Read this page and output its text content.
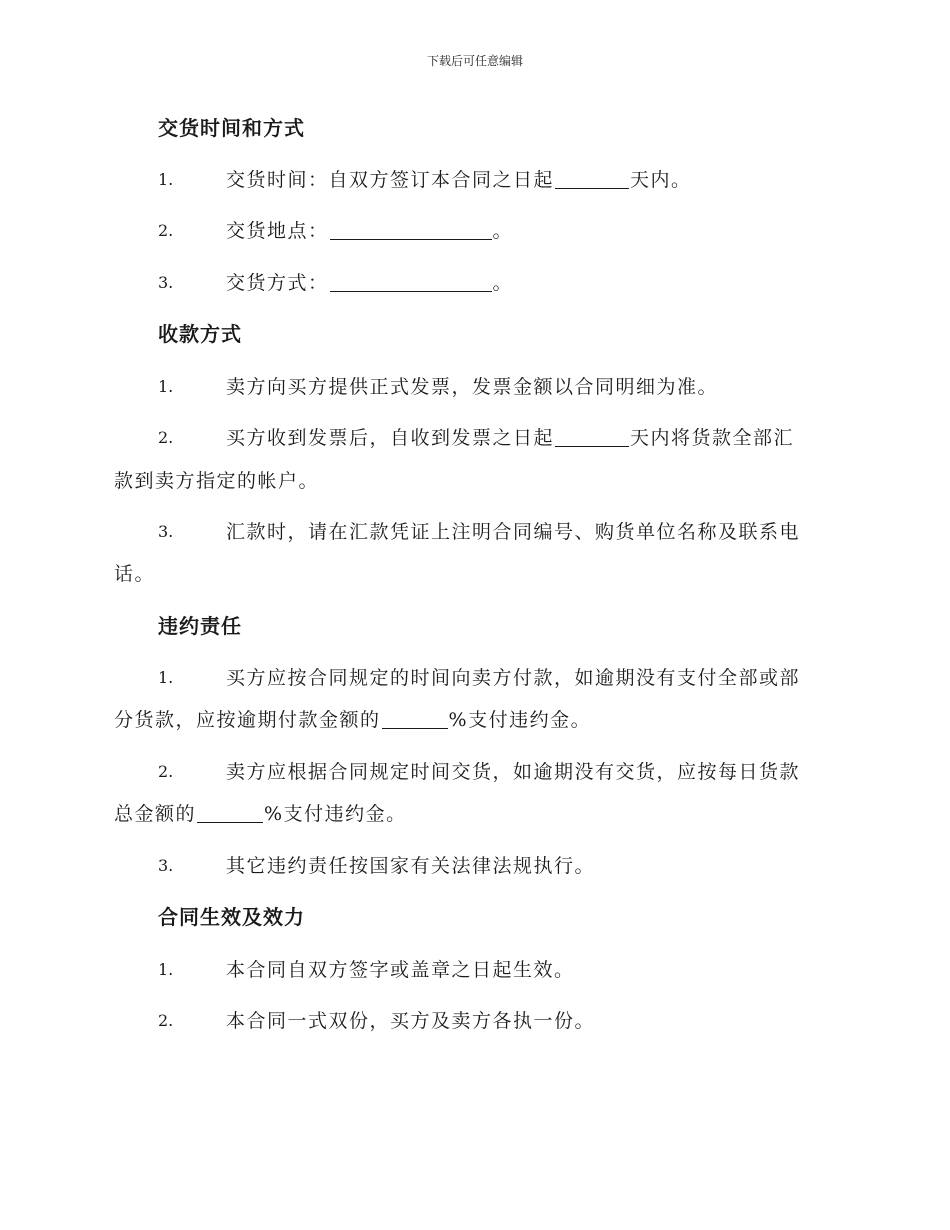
下载后可任意编辑
交货时间和方式
1.	交货时间：自双方签订本合同之日起	天内。
2.	交货地点：	。
3.	交货方式：	。
收款方式
1.	卖方向买方提供正式发票，发票金额以合同明细为准。
2.	买方收到发票后，自收到发票之日起	天内将货款全部汇
款到卖方指定的帐户。
3.	汇款时，请在汇款凭证上注明合同编号、购货单位名称及联系电
话。
违约责任
1.	买方应按合同规定的时间向卖方付款，如逾期没有支付全部或部
分货款，应按逾期付款金额的	%支付违约金。
2.	卖方应根据合同规定时间交货，如逾期没有交货，应按每日货款
总金额的	%支付违约金。
3.	其它违约责任按国家有关法律法规执行。
合同生效及效力
1.	本合同自双方签字或盖章之日起生效。
2.	本合同一式双份，买方及卖方各执一份。
